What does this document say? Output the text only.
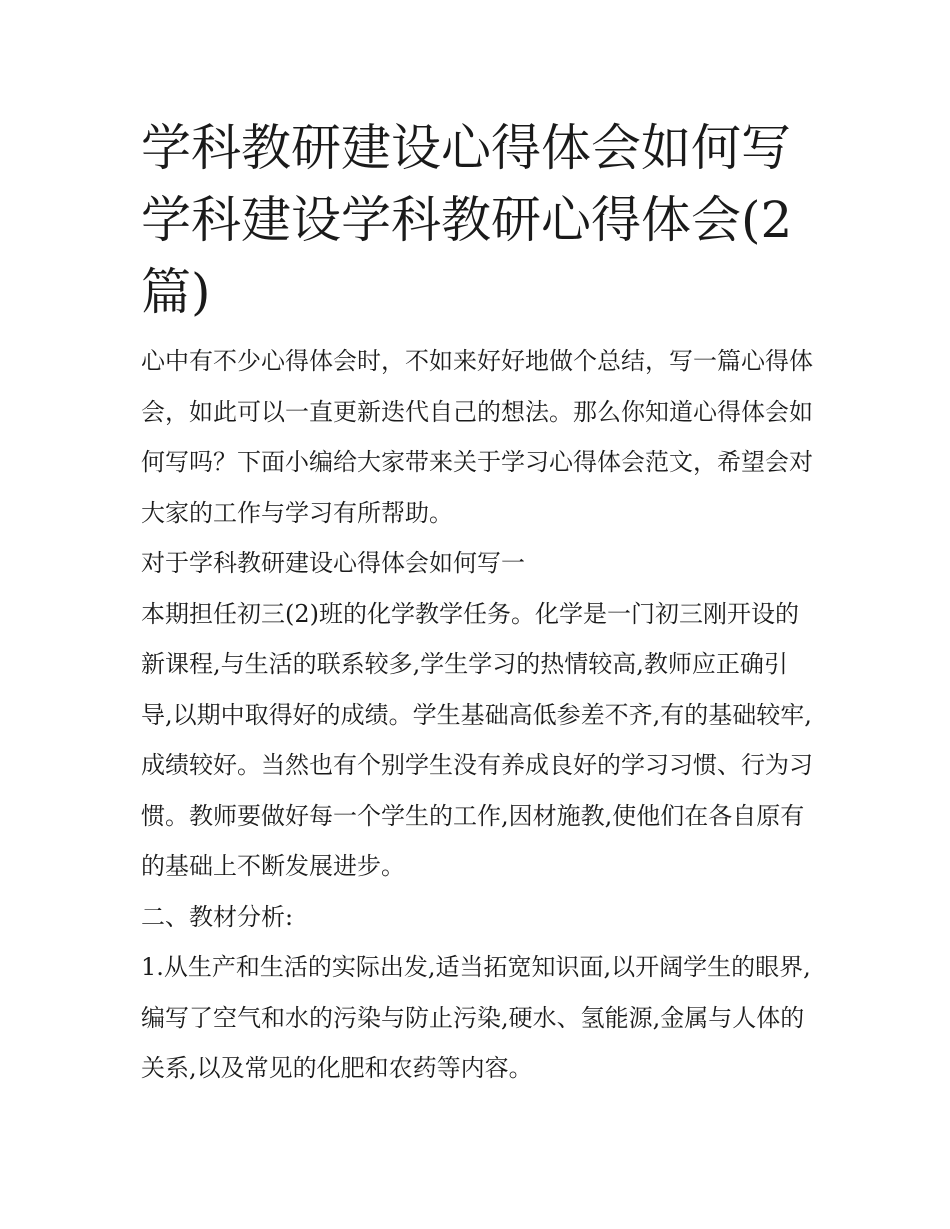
学科教研建设心得体会如何写学科建设学科教研心得体会(2篇)

心中有不少心得体会时，不如来好好地做个总结，写一篇心得体会，如此可以一直更新迭代自己的想法。那么你知道心得体会如何写吗？下面小编给大家带来关于学习心得体会范文，希望会对大家的工作与学习有所帮助。

对于学科教研建设心得体会如何写一

本期担任初三(2)班的化学教学任务。化学是一门初三刚开设的新课程,与生活的联系较多,学生学习的热情较高,教师应正确引导,以期中取得好的成绩。学生基础高低参差不齐,有的基础较牢,成绩较好。当然也有个别学生没有养成良好的学习习惯、行为习惯。教师要做好每一个学生的工作,因材施教,使他们在各自原有的基础上不断发展进步。

二、教材分析:

1.从生产和生活的实际出发,适当拓宽知识面,以开阔学生的眼界,编写了空气和水的污染与防止污染,硬水、氢能源,金属与人体的关系,以及常见的化肥和农药等内容。
